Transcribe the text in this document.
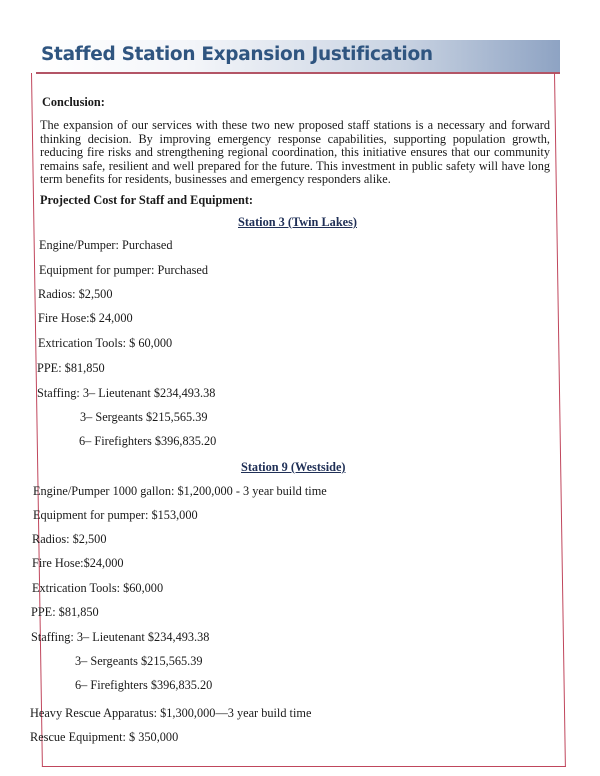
Staffed Station Expansion Justification
Conclusion:
The expansion of our services with these two new proposed staff stations is a necessary and forward thinking decision. By improving emergency response capabilities, supporting population growth, reducing fire risks and strengthening regional coordination, this initiative ensures that our community remains safe, resilient and well prepared for the future. This investment in public safety will have long term benefits for residents, businesses and emergency responders alike.
Projected Cost for Staff and Equipment:
Station 3 (Twin Lakes)
Engine/Pumper: Purchased
Equipment for pumper: Purchased
Radios: $2,500
Fire Hose:$ 24,000
Extrication Tools: $ 60,000
PPE: $81,850
Staffing: 3– Lieutenant $234,493.38
3– Sergeants $215,565.39
6– Firefighters $396,835.20
Station 9 (Westside)
Engine/Pumper 1000 gallon: $1,200,000 - 3 year build time
Equipment for pumper: $153,000
Radios: $2,500
Fire Hose:$24,000
Extrication Tools: $60,000
PPE: $81,850
Staffing: 3– Lieutenant $234,493.38
3– Sergeants $215,565.39
6– Firefighters $396,835.20
Heavy Rescue Apparatus: $1,300,000—3 year build time
Rescue Equipment: $ 350,000
